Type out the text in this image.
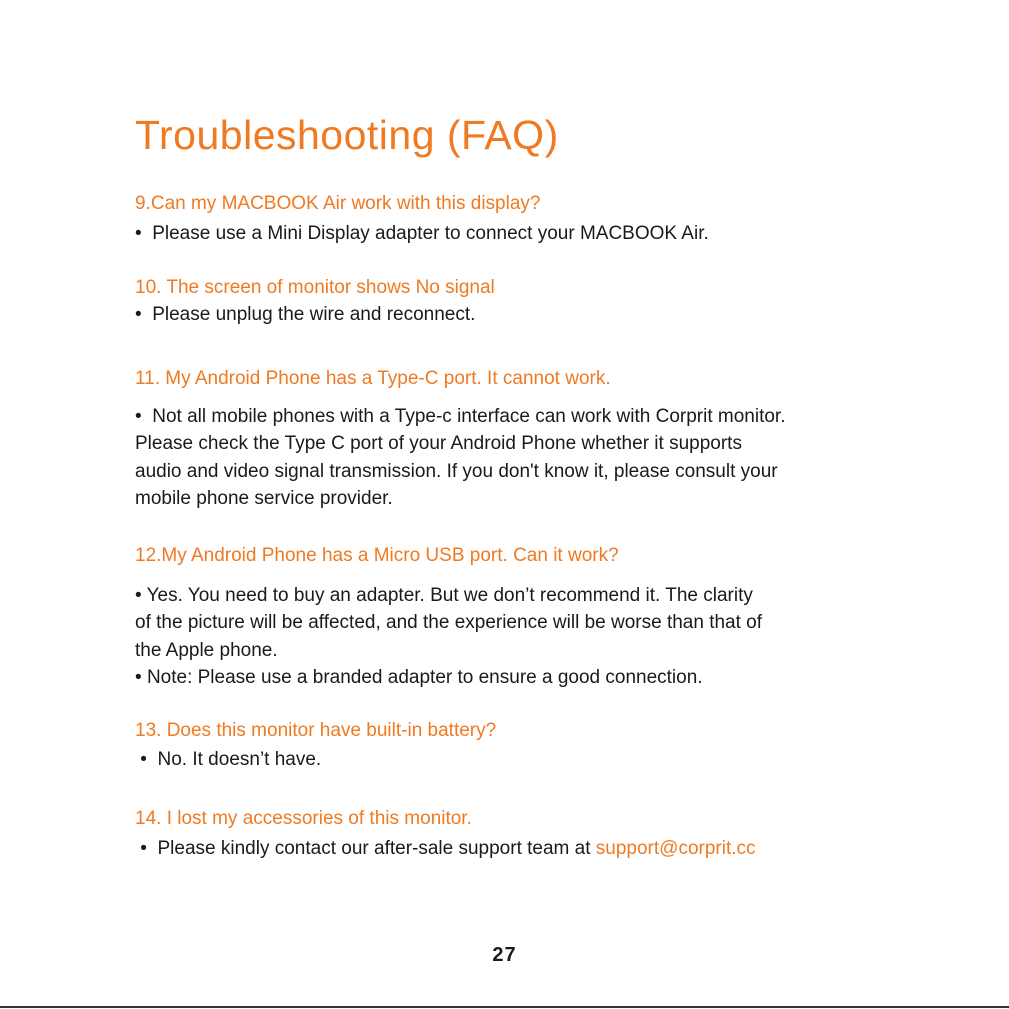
Troubleshooting (FAQ)

9.Can my MACBOOK Air work with this display?

• Please use a Mini Display adapter to connect your MACBOOK Air.

10. The screen of monitor shows No signal

• Please unplug the wire and reconnect.

11. My Android Phone has a Type-C port. It cannot work.

• Not all mobile phones with a Type-c interface can work with Corprit monitor.
Please check the Type C port of your Android Phone whether it supports
audio and video signal transmission. If you don't know it, please consult your
mobile phone service provider.

12.My Android Phone has a Micro USB port. Can it work?

• Yes. You need to buy an adapter. But we don’t recommend it. The clarity
of the picture will be affected, and the experience will be worse than that of
the Apple phone.
• Note: Please use a branded adapter to ensure a good connection.

13. Does this monitor have built-in battery?

• No. It doesn’t have.

14. I lost my accessories of this monitor.

• Please kindly contact our after-sale support team at support@corprit.cc

27
